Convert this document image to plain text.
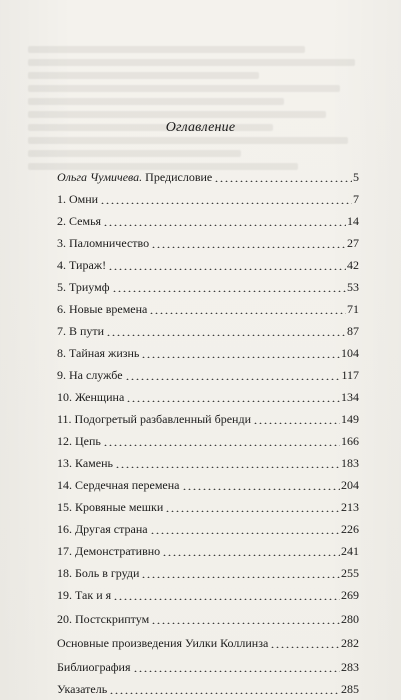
Оглавление
Ольга Чумичева. Предисловие	5
1. Омни	7
2. Семья	14
3. Паломничество	27
4. Тираж!	42
5. Триумф	53
6. Новые времена	71
7. В пути	87
8. Тайная жизнь	104
9. На службе	117
10. Женщина	134
11. Подогретый разбавленный бренди	149
12. Цепь	166
13. Камень	183
14. Сердечная перемена	204
15. Кровяные мешки	213
16. Другая страна	226
17. Демонстративно	241
18. Боль в груди	255
19. Так и я	269
20. Постскриптум	280
Основные произведения Уилки Коллинза	282
Библиография	283
Указатель	285
